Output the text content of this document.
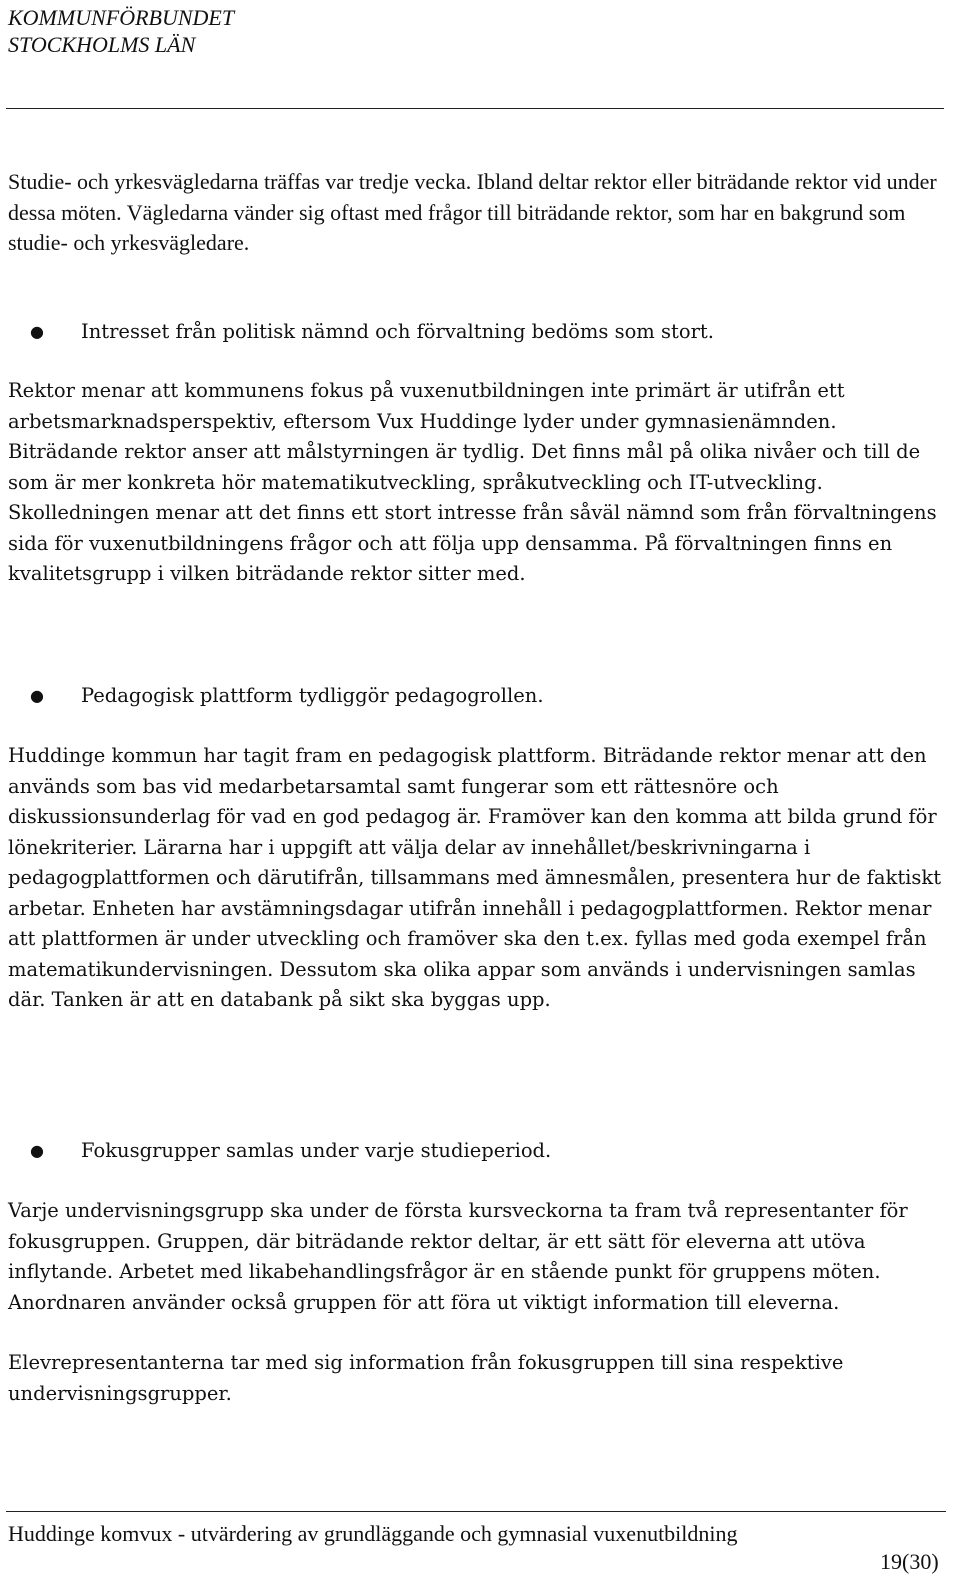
KOMMUNFÖRBUNDET
STOCKHOLMS LÄN

Studie- och yrkesvägledarna träffas var tredje vecka. Ibland deltar rektor eller biträdande rektor vid under dessa möten. Vägledarna vänder sig oftast med frågor till biträdande rektor, som har en bakgrund som studie- och yrkesvägledare.

● Intresset från politisk nämnd och förvaltning bedöms som stort.

Rektor menar att kommunens fokus på vuxenutbildningen inte primärt är utifrån ett arbetsmarknadsperspektiv, eftersom Vux Huddinge lyder under gymnasienämnden. Biträdande rektor anser att målstyrningen är tydlig. Det finns mål på olika nivåer och till de som är mer konkreta hör matematikutveckling, språkutveckling och IT-utveckling. Skolledningen menar att det finns ett stort intresse från såväl nämnd som från förvaltningens sida för vuxenutbildningens frågor och att följa upp densamma. På förvaltningen finns en kvalitetsgrupp i vilken biträdande rektor sitter med.

● Pedagogisk plattform tydliggör pedagogrollen.

Huddinge kommun har tagit fram en pedagogisk plattform. Biträdande rektor menar att den används som bas vid medarbetarsamtal samt fungerar som ett rättesnöre och diskussionsunderlag för vad en god pedagog är. Framöver kan den komma att bilda grund för lönekriterier. Lärarna har i uppgift att välja delar av innehållet/beskrivningarna i pedagogplattformen och därutifrån, tillsammans med ämnesmålen, presentera hur de faktiskt arbetar. Enheten har avstämningsdagar utifrån innehåll i pedagogplattformen. Rektor menar att plattformen är under utveckling och framöver ska den t.ex. fyllas med goda exempel från matematikundervisningen. Dessutom ska olika appar som används i undervisningen samlas där. Tanken är att en databank på sikt ska byggas upp.

● Fokusgrupper samlas under varje studieperiod.

Varje undervisningsgrupp ska under de första kursveckorna ta fram två representanter för fokusgruppen. Gruppen, där biträdande rektor deltar, är ett sätt för eleverna att utöva inflytande. Arbetet med likabehandlingsfrågor är en stående punkt för gruppens möten. Anordnaren använder också gruppen för att föra ut viktigt information till eleverna.

Elevrepresentanterna tar med sig information från fokusgruppen till sina respektive undervisningsgrupper.

Huddinge komvux - utvärdering av grundläggande och gymnasial vuxenutbildning
19(30)
